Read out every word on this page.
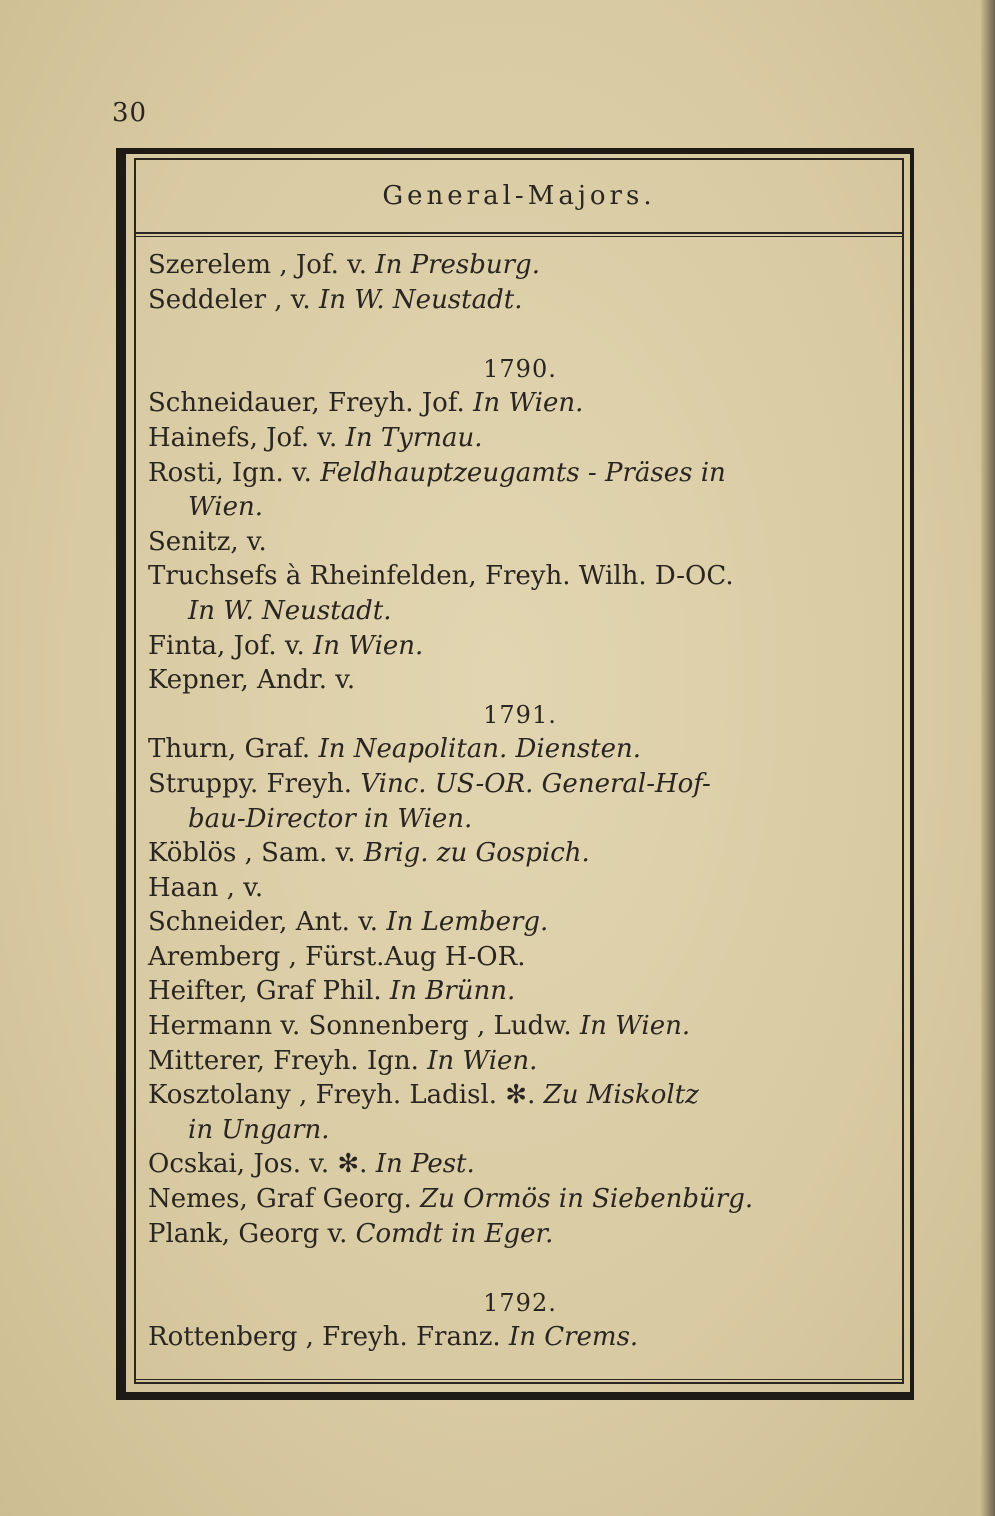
30
General-Majors.
Szerelem , Jof. v. In Presburg.
Seddeler , v. In W. Neustadt.
1790.
Schneidauer, Freyh. Jof. In Wien.
Hainefs, Jof. v. In Tyrnau.
Rosti, Ign. v. Feldhauptzeugamts - Präses in
Wien.
Senitz, v.
Truchsefs à Rheinfelden, Freyh. Wilh. D-OC.
In W. Neustadt.
Finta, Jof. v. In Wien.
Kepner, Andr. v.
1791.
Thurn, Graf. In Neapolitan. Diensten.
Struppy. Freyh. Vinc. US-OR. General-Hof-
bau-Director in Wien.
Köblös , Sam. v. Brig. zu Gospich.
Haan , v.
Schneider, Ant. v. In Lemberg.
Aremberg , Fürst.Aug H-OR.
Heifter, Graf Phil. In Brünn.
Hermann v. Sonnenberg , Ludw. In Wien.
Mitterer, Freyh. Ign. In Wien.
Kosztolany , Freyh. Ladisl. ✻. Zu Miskoltz
in Ungarn.
Ocskai, Jos. v. ✻. In Pest.
Nemes, Graf Georg. Zu Ormös in Siebenbürg.
Plank, Georg v. Comdt in Eger.
1792.
Rottenberg , Freyh. Franz. In Crems.
